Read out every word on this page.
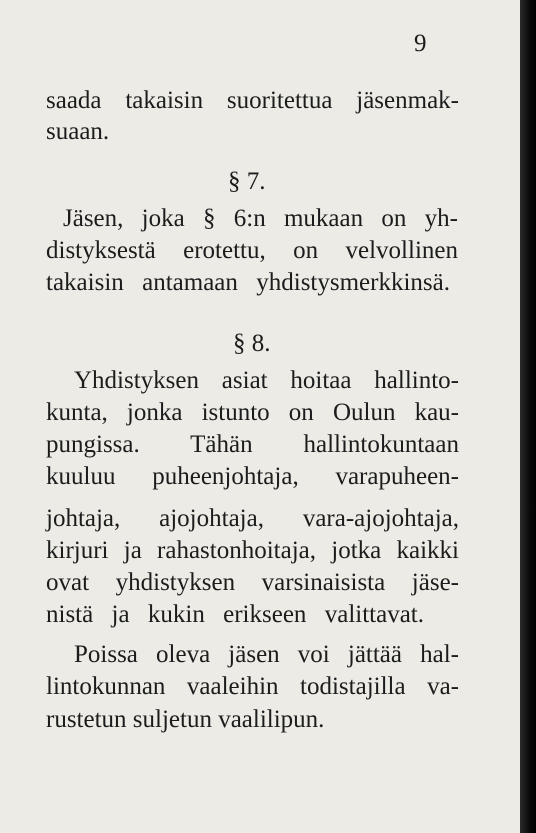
9
saada takaisin suoritettua jäsenmak-
suaan.
§ 7.
Jäsen, joka § 6:n mukaan on yh-
distyksestä erotettu, on velvollinen
takaisin antamaan yhdistysmerkkinsä.
§ 8.
Yhdistyksen asiat hoitaa hallinto-
kunta, jonka istunto on Oulun kau-
pungissa. Tähän hallintokuntaan
kuuluu puheenjohtaja, varapuheen-
johtaja, ajojohtaja, vara-ajojohtaja,
kirjuri ja rahastonhoitaja, jotka kaikki
ovat yhdistyksen varsinaisista jäse-
nistä ja kukin erikseen valittavat.
Poissa oleva jäsen voi jättää hal-
lintokunnan vaaleihin todistajilla va-
rustetun suljetun vaalilipun.
